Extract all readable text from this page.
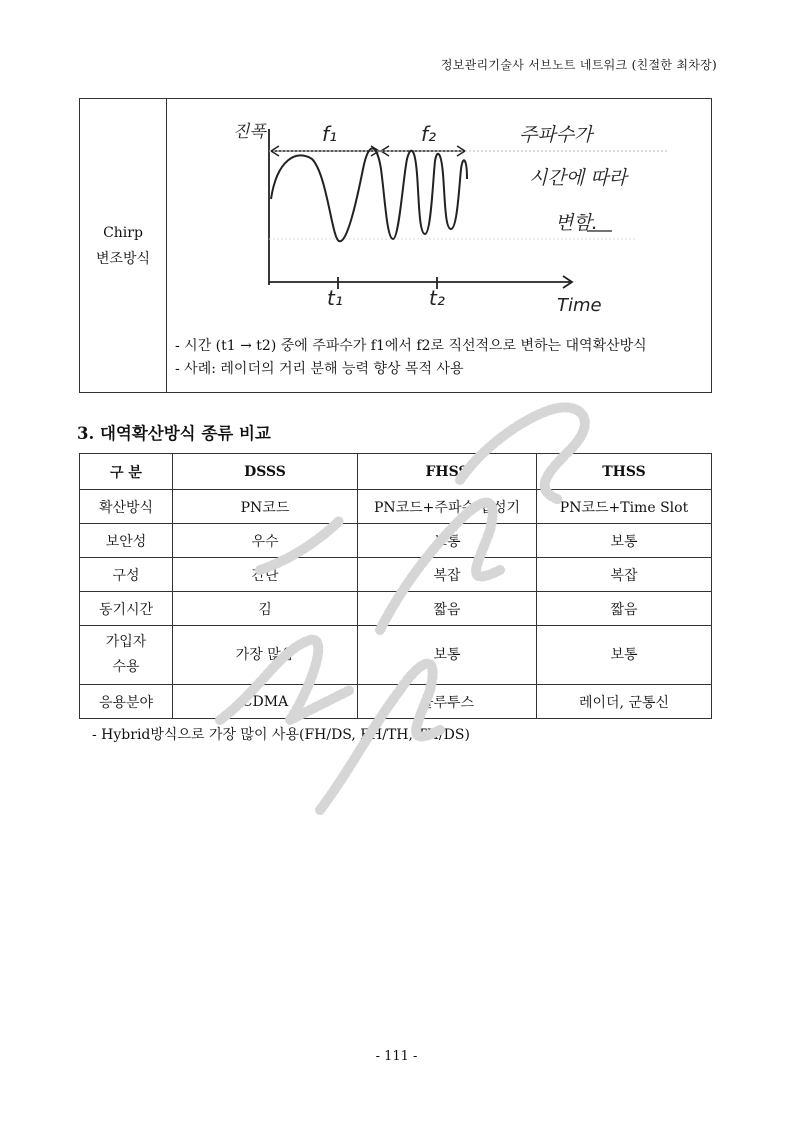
정보관리기술사 서브노트 네트워크 (친절한 최차장)
Chirp
변조방식

진폭	f₁	f₂
t₁	t₂	Time
주파수가
시간에 따라
변함.
- 시간 (t1 → t2) 중에 주파수가 f1에서 f2로 직선적으로 변하는 대역확산방식
- 사례: 레이더의 거리 분해 능력 향상 목적 사용
3. 대역확산방식 종류 비교
구 분	DSSS	FHSS	THSS
확산방식	PN코드	PN코드+주파수 합성기	PN코드+Time Slot
보안성	우수	보통	보통
구성	간단	복잡	복잡
동기시간	김	짧음	짧음

가입자
수용	가장 많음	보통	보통
응용분야	CDMA	블루투스	레이더, 군통신
- Hybrid방식으로 가장 많이 사용(FH/DS, FH/TH, TH/DS)
- 111 -
